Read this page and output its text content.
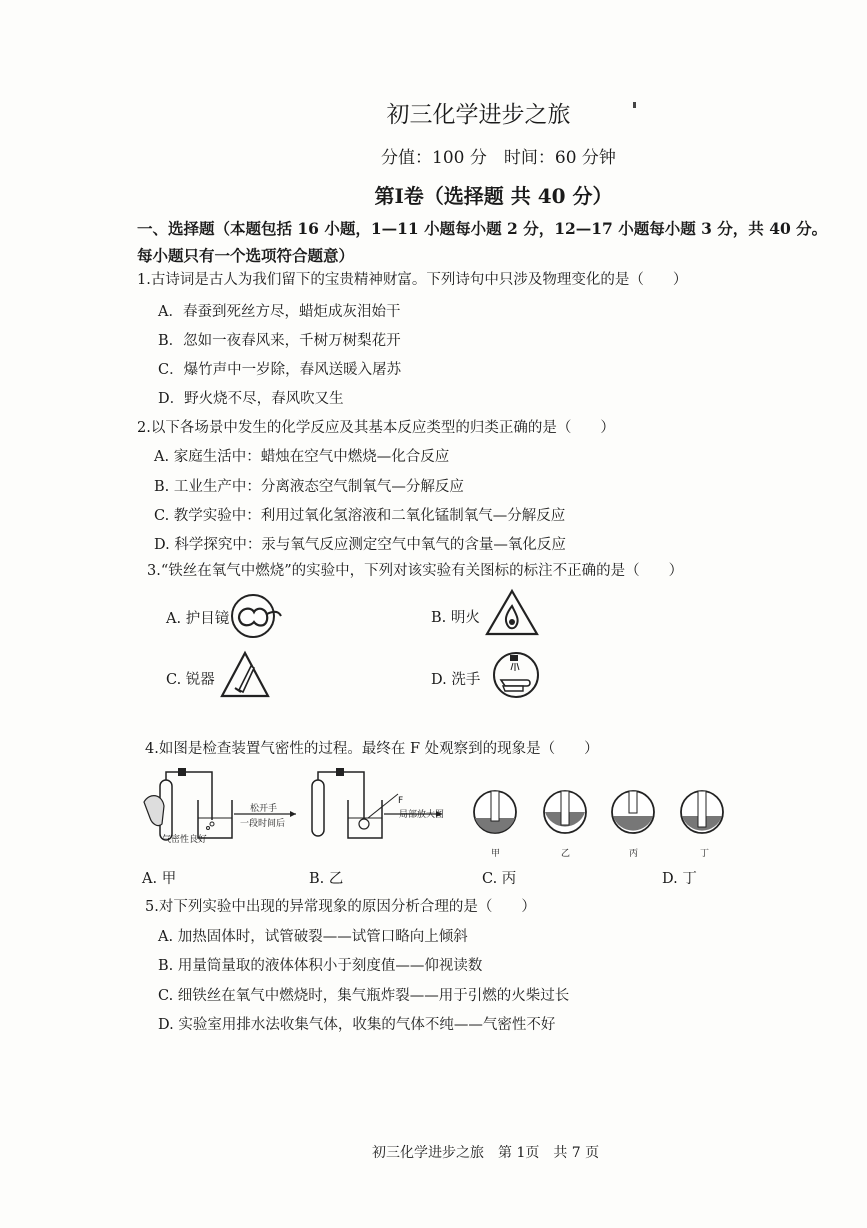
初三化学进步之旅
分值：100 分　时间：60 分钟
第Ⅰ卷（选择题 共 40 分）
一、选择题（本题包括 16 小题，1—11 小题每小题 2 分，12—17 小题每小题 3 分，共 40 分。
每小题只有一个选项符合题意）
1.古诗词是古人为我们留下的宝贵精神财富。下列诗句中只涉及物理变化的是（　　）
A．春蚕到死丝方尽，蜡炬成灰泪始干
B．忽如一夜春风来，千树万树梨花开
C．爆竹声中一岁除，春风送暖入屠苏
D．野火烧不尽，春风吹又生
2.以下各场景中发生的化学反应及其基本反应类型的归类正确的是（　　）
A. 家庭生活中：蜡烛在空气中燃烧—化合反应
B. 工业生产中：分离液态空气制氧气—分解反应
C. 教学实验中：利用过氧化氢溶液和二氧化锰制氧气—分解反应
D. 科学探究中：汞与氧气反应测定空气中氧气的含量—氧化反应
3.“铁丝在氧气中燃烧”的实验中，下列对该实验有关图标的标注不正确的是（　　）
A. 护目镜	B. 明火
C. 锐器	D. 洗手
4.如图是检查装置气密性的过程。最终在 F 处观察到的现象是（　　）
气密性良好
松开手
一段时间后
F
局部放大图
甲	乙	丙	丁
A. 甲	B. 乙	C. 丙	D. 丁
5.对下列实验中出现的异常现象的原因分析合理的是（　　）
A. 加热固体时，试管破裂——试管口略向上倾斜
B. 用量筒量取的液体体积小于刻度值——仰视读数
C. 细铁丝在氧气中燃烧时，集气瓶炸裂——用于引燃的火柴过长
D. 实验室用排水法收集气体，收集的气体不纯——气密性不好
初三化学进步之旅　第 1页　共 7 页
